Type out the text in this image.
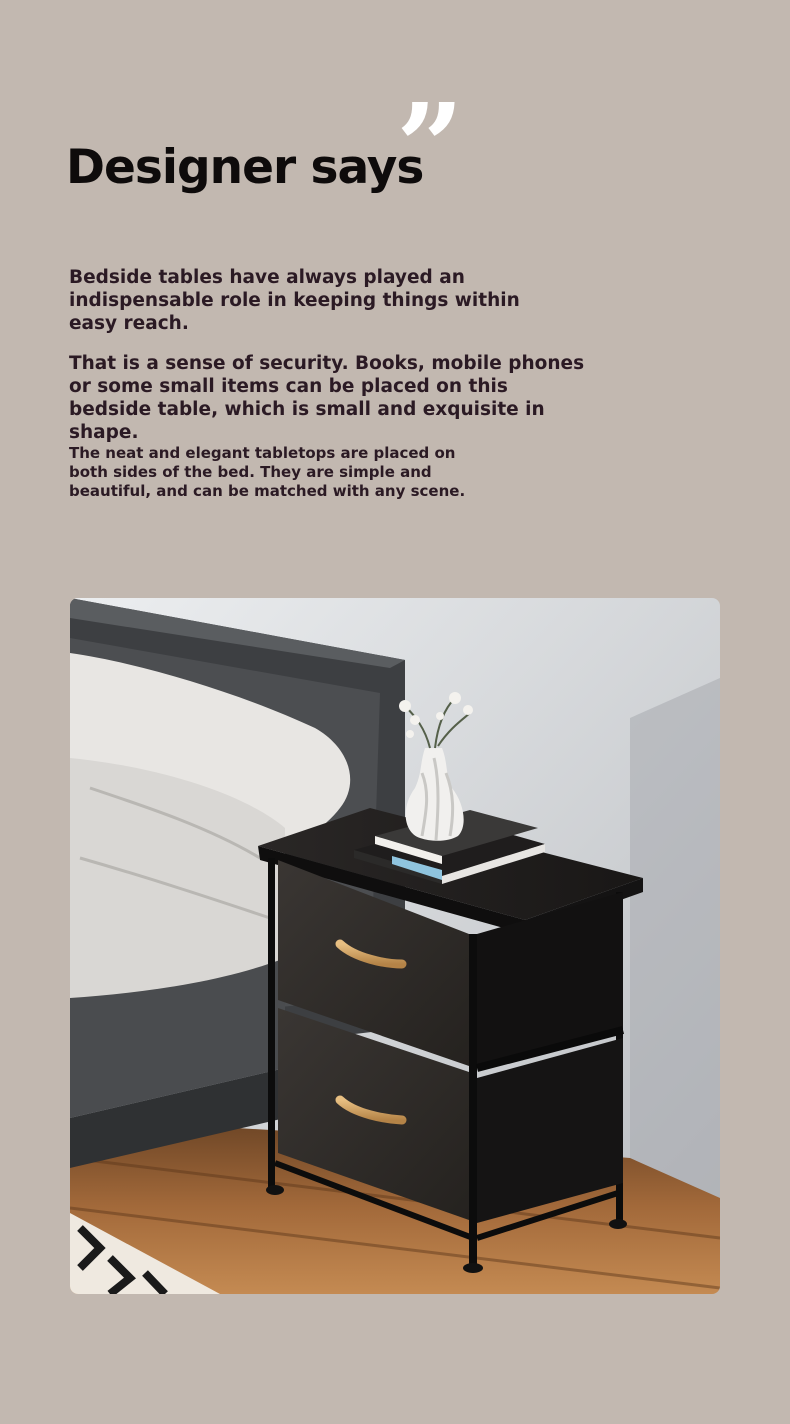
Designer says
”

Bedside tables have always played an indispensable role in keeping things within easy reach.

That is a sense of security. Books, mobile phones or some small items can be placed on this bedside table, which is small and exquisite in shape.

The neat and elegant tabletops are placed on both sides of the bed. They are simple and beautiful, and can be matched with any scene.
